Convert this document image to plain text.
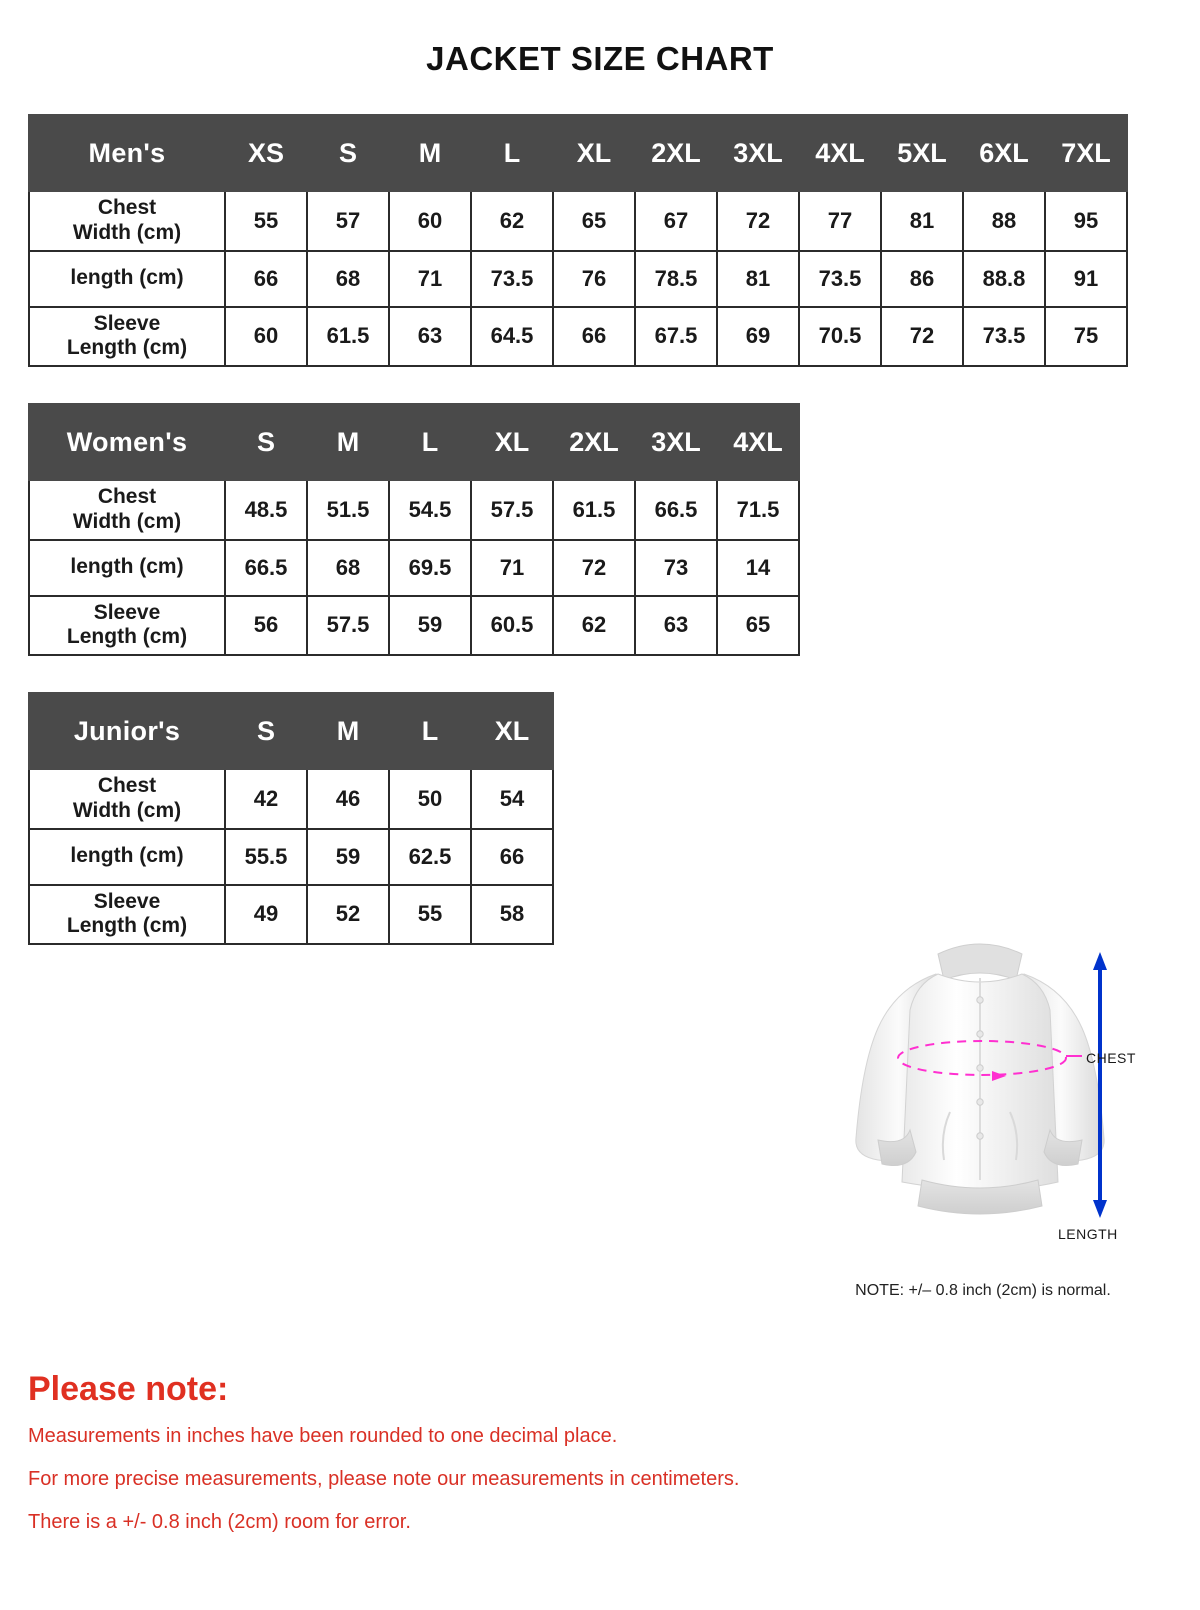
JACKET SIZE CHART
Men's	XS	S	M	L	XL	2XL	3XL	4XL	5XL	6XL	7XL
Chest
Width (cm)	55	57	60	62	65	67	72	77	81	88	95
length (cm)	66	68	71	73.5	76	78.5	81	73.5	86	88.8	91
Sleeve
Length (cm)	60	61.5	63	64.5	66	67.5	69	70.5	72	73.5	75
Women's	S	M	L	XL	2XL	3XL	4XL
Chest
Width (cm)	48.5	51.5	54.5	57.5	61.5	66.5	71.5
length (cm)	66.5	68	69.5	71	72	73	14
Sleeve
Length (cm)	56	57.5	59	60.5	62	63	65
Junior's	S	M	L	XL
Chest
Width (cm)	42	46	50	54
length (cm)	55.5	59	62.5	66
Sleeve
Length (cm)	49	52	55	58
CHEST
LENGTH
NOTE: +/– 0.8 inch (2cm) is normal.
Please note:

Measurements in inches have been rounded to one decimal place.

For more precise measurements, please note our measurements in centimeters.

There is a +/- 0.8 inch (2cm) room for error.
